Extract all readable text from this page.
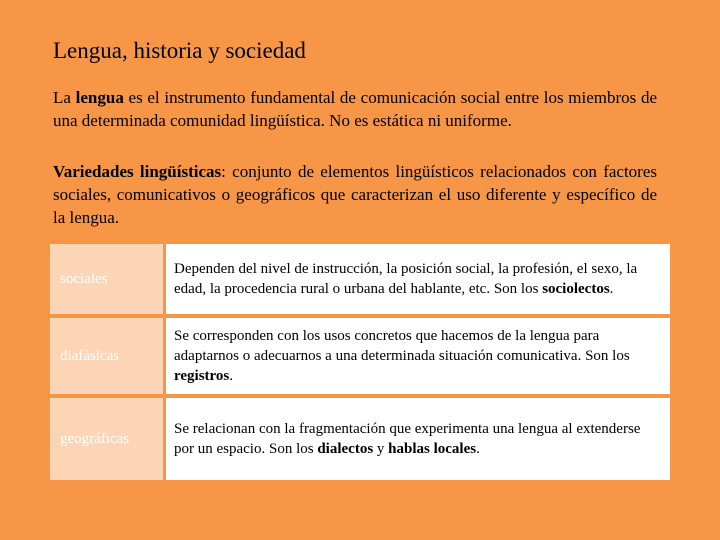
Lengua, historia y sociedad

La lengua es el instrumento fundamental de comunicación social entre los miembros de una determinada comunidad lingüística. No es estática ni uniforme.

Variedades lingüísticas: conjunto de elementos lingüísticos relacionados con factores sociales, comunicativos o geográficos que caracterizan el uso diferente y específico de la lengua.

sociales	Dependen del nivel de instrucción, la posición social, la profesión, el sexo, la edad, la procedencia rural o urbana del hablante, etc. Son los sociolectos.
diafásicas	Se corresponden con los usos concretos que hacemos de la lengua para adaptarnos o adecuarnos a una determinada situación comunicativa. Son los registros.
geográficas	Se relacionan con la fragmentación que experimenta una lengua al extenderse por un espacio. Son los dialectos y hablas locales.
